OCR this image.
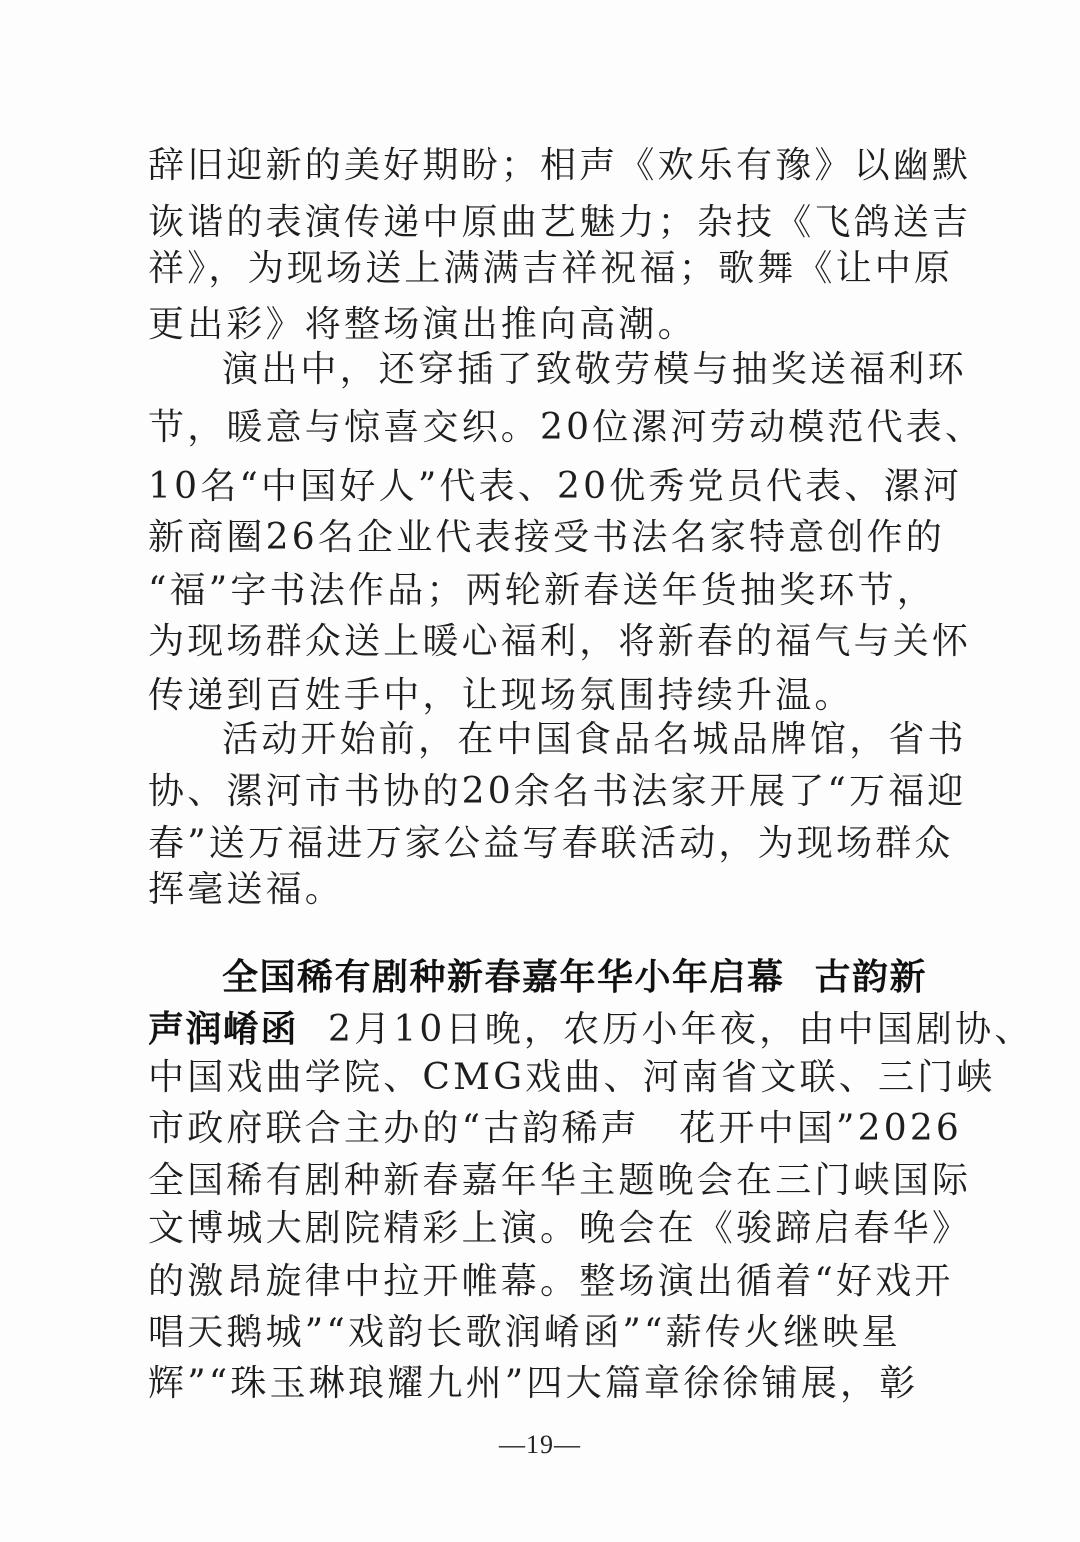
辞旧迎新的美好期盼；相声《欢乐有豫》以幽默
诙谐的表演传递中原曲艺魅力；杂技《飞鸽送吉
祥》，为现场送上满满吉祥祝福；歌舞《让中原
更出彩》将整场演出推向高潮。
演出中，还穿插了致敬劳模与抽奖送福利环
节，暖意与惊喜交织。20位漯河劳动模范代表、
10名“中国好人”代表、20优秀党员代表、漯河
新商圈26名企业代表接受书法名家特意创作的
“福”字书法作品；两轮新春送年货抽奖环节，
为现场群众送上暖心福利，将新春的福气与关怀
传递到百姓手中，让现场氛围持续升温。
活动开始前，在中国食品名城品牌馆，省书
协、漯河市书协的20余名书法家开展了“万福迎
春”送万福进万家公益写春联活动，为现场群众
挥毫送福。
全国稀有剧种新春嘉年华小年启幕 古韵新
声润崤函 2月10日晚，农历小年夜，由中国剧协、
中国戏曲学院、CMG戏曲、河南省文联、三门峡
市政府联合主办的“古韵稀声　花开中国”2026
全国稀有剧种新春嘉年华主题晚会在三门峡国际
文博城大剧院精彩上演。晚会在《骏蹄启春华》
的激昂旋律中拉开帷幕。整场演出循着“好戏开
唱天鹅城”“戏韵长歌润崤函”“薪传火继映星
辉”“珠玉琳琅耀九州”四大篇章徐徐铺展，彰
—19—
